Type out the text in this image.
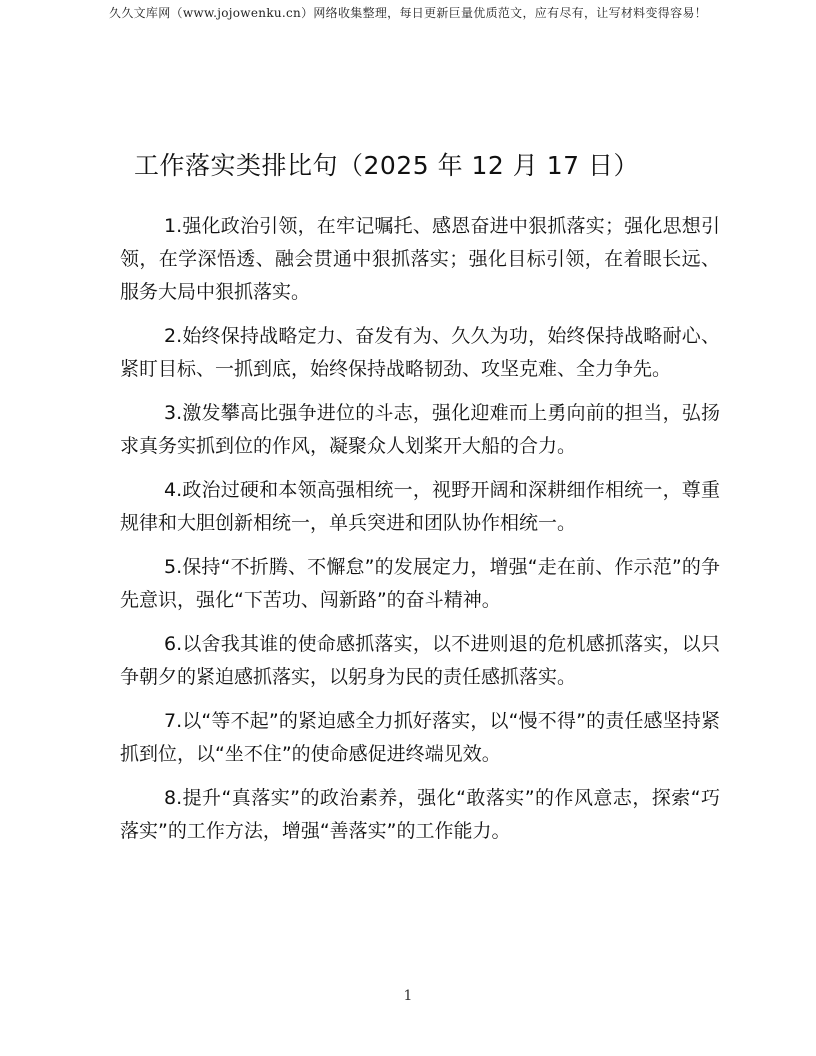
久久文库网（www.jojowenku.cn）网络收集整理，每日更新巨量优质范文，应有尽有，让写材料变得容易！
工作落实类排比句（2025 年 12 月 17 日）

1.强化政治引领，在牢记嘱托、感恩奋进中狠抓落实；强化思想引领，在学深悟透、融会贯通中狠抓落实；强化目标引领，在着眼长远、服务大局中狠抓落实。

2.始终保持战略定力、奋发有为、久久为功，始终保持战略耐心、紧盯目标、一抓到底，始终保持战略韧劲、攻坚克难、全力争先。

3.激发攀高比强争进位的斗志，强化迎难而上勇向前的担当，弘扬求真务实抓到位的作风，凝聚众人划桨开大船的合力。

4.政治过硬和本领高强相统一，视野开阔和深耕细作相统一，尊重规律和大胆创新相统一，单兵突进和团队协作相统一。

5.保持“不折腾、不懈怠”的发展定力，增强“走在前、作示范”的争先意识，强化“下苦功、闯新路”的奋斗精神。

6.以舍我其谁的使命感抓落实，以不进则退的危机感抓落实，以只争朝夕的紧迫感抓落实，以躬身为民的责任感抓落实。

7.以“等不起”的紧迫感全力抓好落实，以“慢不得”的责任感坚持紧抓到位，以“坐不住”的使命感促进终端见效。

8.提升“真落实”的政治素养，强化“敢落实”的作风意志，探索“巧落实”的工作方法，增强“善落实”的工作能力。

1
